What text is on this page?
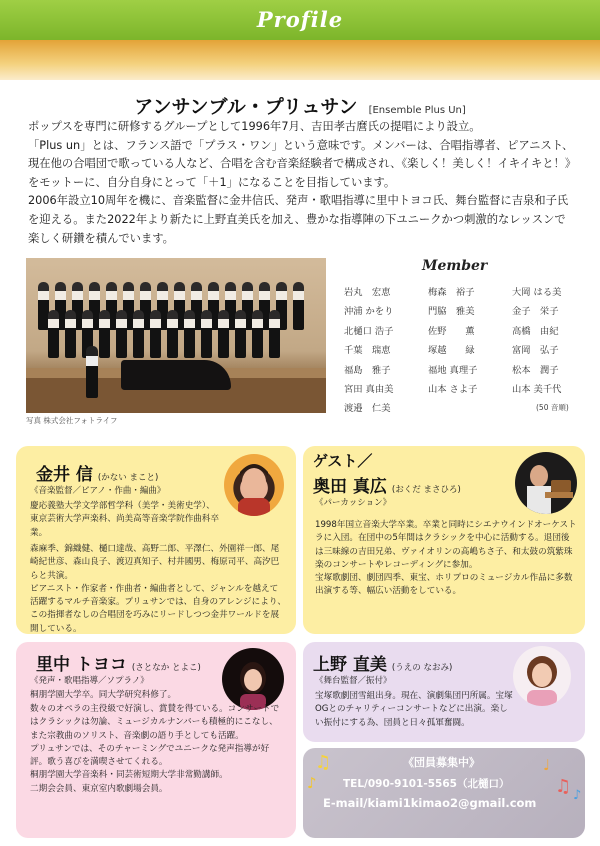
Profile
アンサンブル・プリュサン [Ensemble Plus Un]

ポップスを専門に研修するグループとして1996年7月、吉田孝古麿氏の提唱により設立。

「Plus un」とは、フランス語で「プラス・ワン」という意味です。メンバーは、合唱指導者、ピアニスト、現在他の合唱団で歌っている人など、合唱を含む音楽経験者で構成され、《楽しく！美しく！イキイキと！》をモットーに、自分自身にとって「＋1」になることを目指しています。

2006年設立10周年を機に、音楽監督に金井信氏、発声・歌唱指導に里中トヨコ氏、舞台監督に吉泉和子氏を迎える。また2022年より新たに上野直美氏を加え、豊かな指導陣の下ユニークかつ刺激的なレッスンで楽しく研鑽を積んでいます。

写真 株式会社フォトライフ
Member
岩丸　宏恵	梅森　裕子	大岡 はる美
沖浦 かをり	門脇　雅美	金子　栄子
北樋口 浩子	佐野　　薫	高橋　由紀
千葉　瑞恵	塚越　　緑	富岡　弘子
福島　雅子	福地 真理子	松本　潤子
宮田 真由美	山本 さよ子	山本 美千代
渡邉　仁美	(50 音順)
金井 信 (かない まこと)
《音楽監督／ピアノ・作曲・編曲》

慶応義塾大学文学部哲学科（美学・美術史学）、東京芸術大学声楽科、尚美高等音楽学院作曲科卒業。

森麻季、錦織健、樋口達哉、高野二郎、平澤仁、外園祥一郎、尾崎紀世彦、森山良子、渡辺真知子、村井國男、梅原司平、高汐巴らと共演。

ピアニスト・作家者・作曲者・編曲者として、ジャンルを越えて活躍するマルチ音楽家。プリュサンでは、自身のアレンジにより、この指揮者なしの合唱団を巧みにリードしつつ金井ワールドを展開している。

ゲスト／
奥田 真広 (おくだ まさひろ)
《パーカッション》

1998年国立音楽大学卒業。卒業と同時にシエナウインドオーケストラに入団。在団中の5年間はクラシックを中心に活動する。退団後は三味線の吉田兄弟、ヴァイオリンの高嶋ちさ子、和太鼓の筑紫珠楽のコンサートやレコーディングに参加。

宝塚歌劇団、劇団四季、東宝、ホリプロのミュージカル作品に多数出演する等、幅広い活動をしている。

里中 トヨコ (さとなか とよこ)
《発声・歌唱指導／ソプラノ》

桐朋学園大学卒。同大学研究科修了。

数々のオペラの主役級で好演し、賞賛を得ている。コンサートではクラシックは勿論、ミュージカルナンバーも積極的にこなし、また宗教曲のソリスト、音楽劇の語り手としても活躍。

プリュサンでは、そのチャーミングでユニークな発声指導が好評。歌う喜びを満喫させてくれる。

桐朋学園大学音楽科・同芸術短期大学非常勤講師。

二期会会員、東京室内歌劇場会員。

上野 直美 (うえの なおみ)
《舞台監督／振付》

宝塚歌劇団雪組出身。現在、演劇集団円所属。宝塚OGとのチャリティーコンサートなどに出演。楽しい振付にする為、団員と日々孤軍奮闘。

♫
♪
♩
♫ ♪
《団員募集中》
TEL/090-9101-5565（北樋口）
E-mail/kiami1kimao2@gmail.com
